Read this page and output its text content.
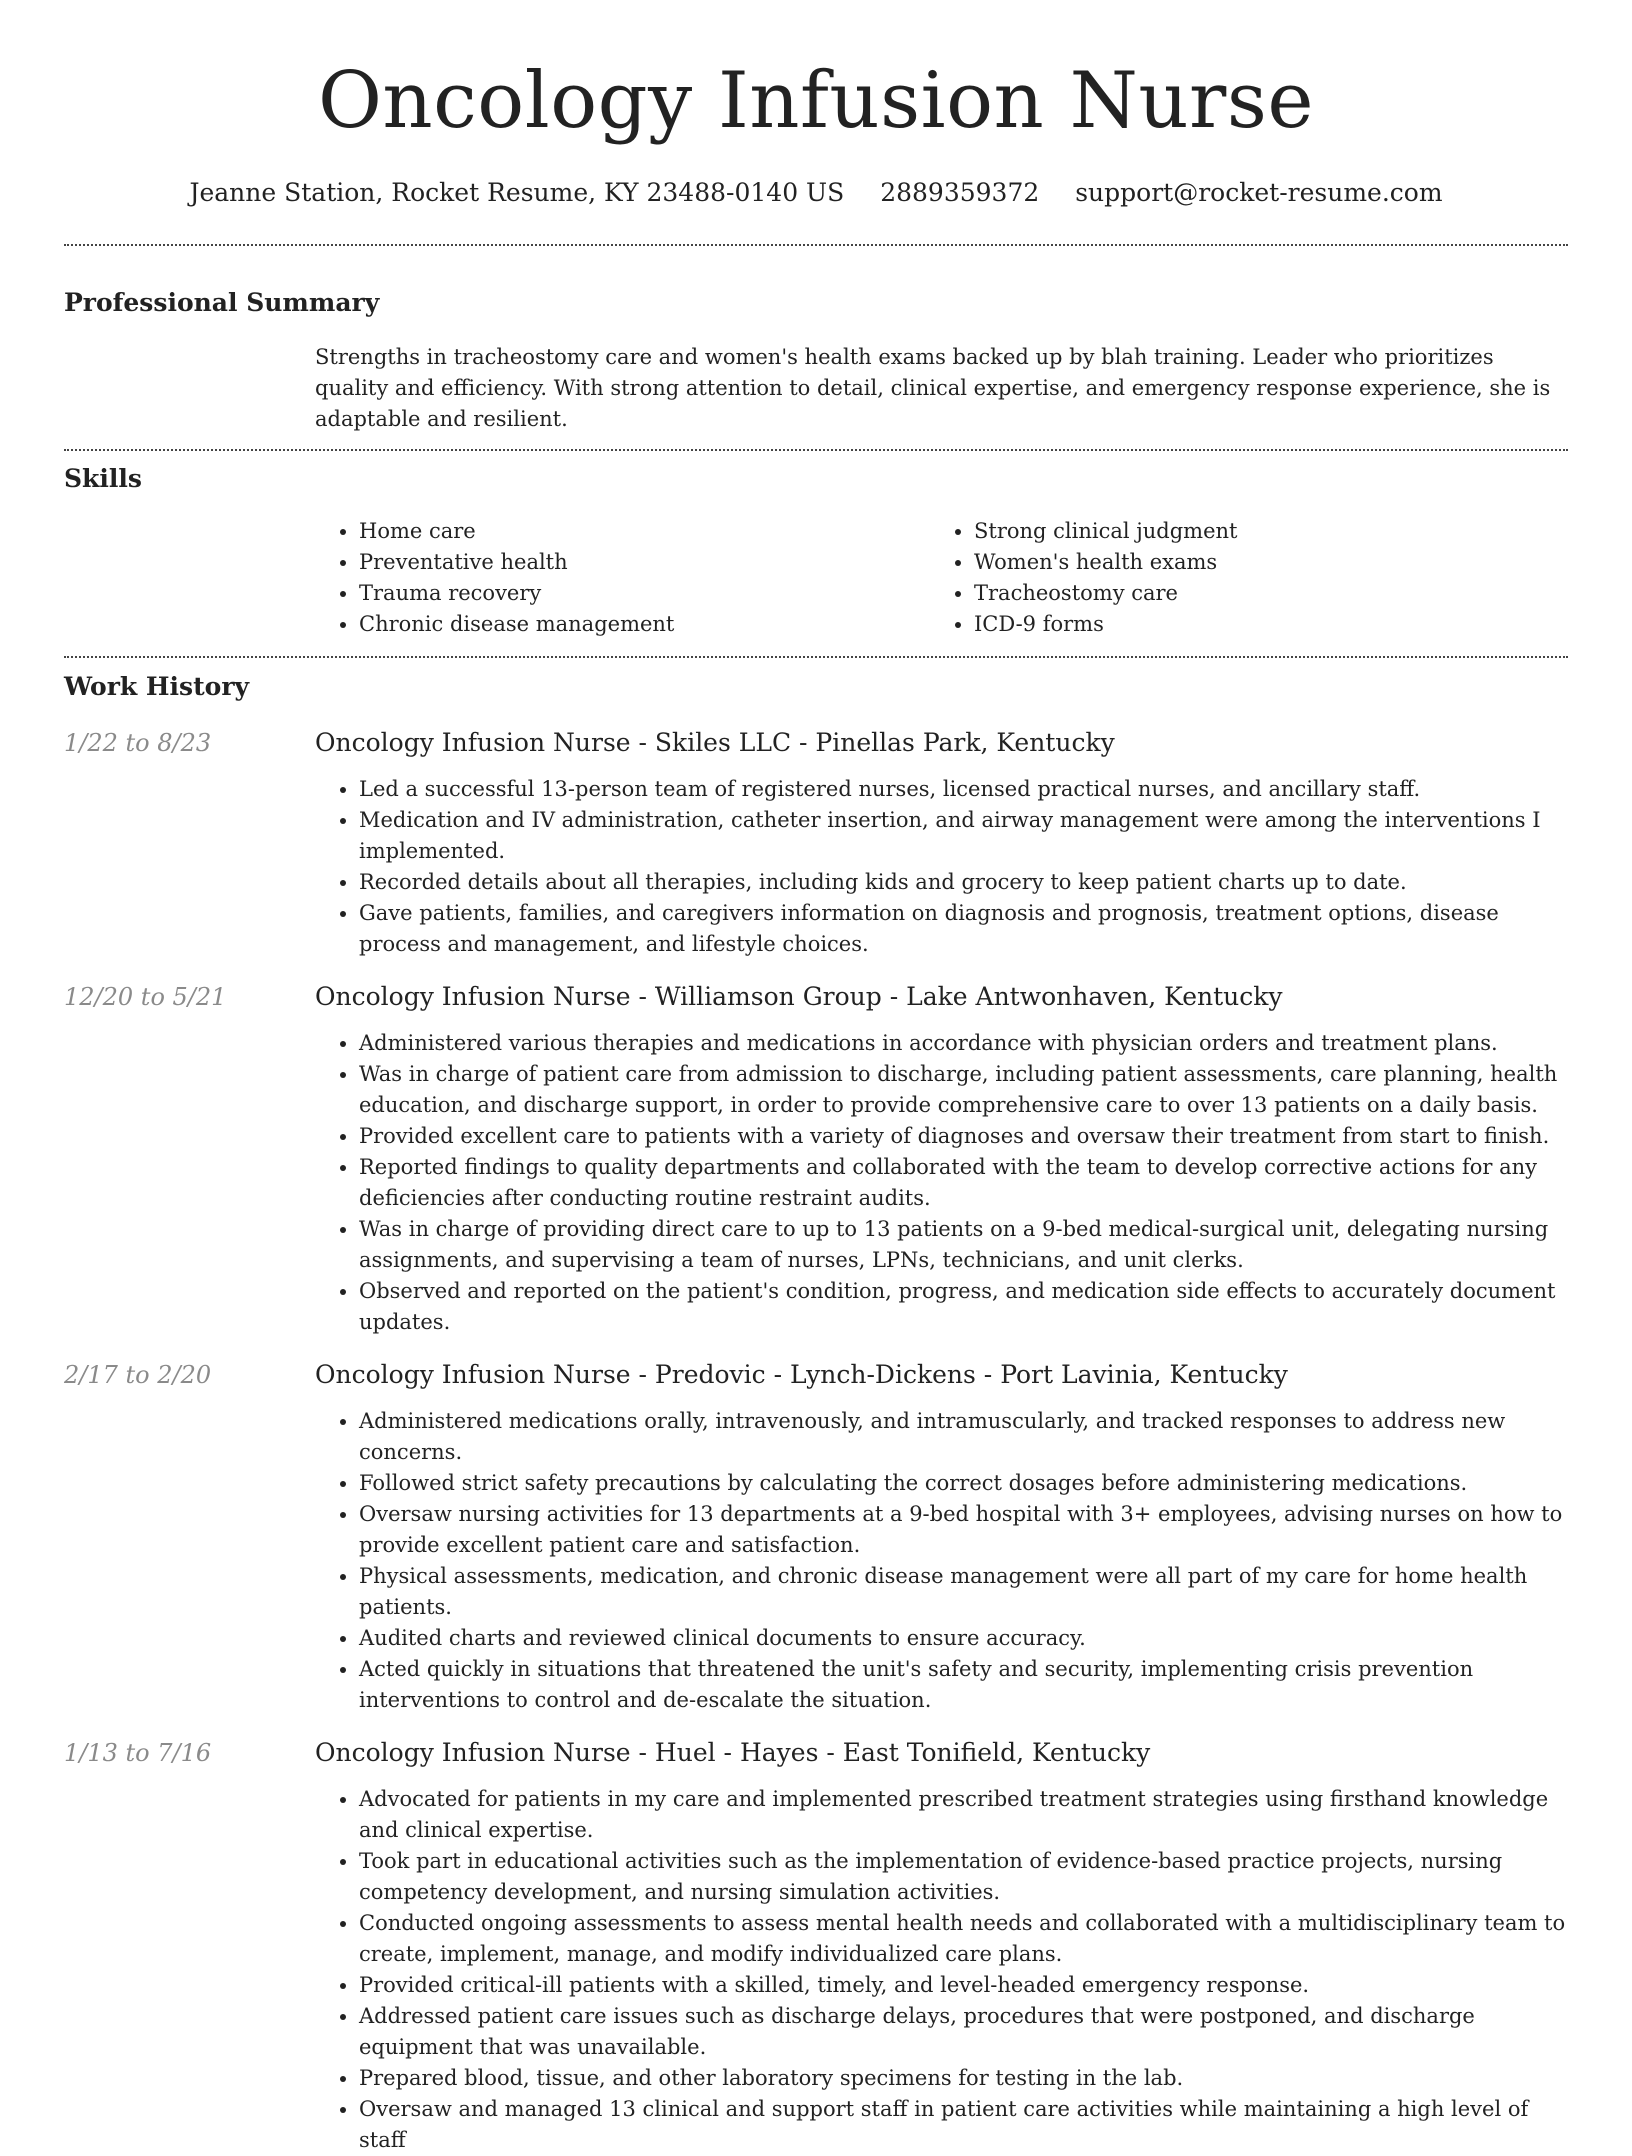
Oncology Infusion Nurse
Jeanne Station, Rocket Resume, KY 23488-0140 US 2889359372 support@rocket-resume.com
Professional Summary
Strengths in tracheostomy care and women's health exams backed up by blah training. Leader who prioritizes quality and efficiency. With strong attention to detail, clinical expertise, and emergency response experience, she is adaptable and resilient.
Skills
• Home care
• Preventative health
• Trauma recovery
• Chronic disease management
• Strong clinical judgment
• Women's health exams
• Tracheostomy care
• ICD-9 forms
Work History
1/22 to 8/23	Oncology Infusion Nurse - Skiles LLC - Pinellas Park, Kentucky
• Led a successful 13-person team of registered nurses, licensed practical nurses, and ancillary staff.
• Medication and IV administration, catheter insertion, and airway management were among the interventions I implemented.
• Recorded details about all therapies, including kids and grocery to keep patient charts up to date.
• Gave patients, families, and caregivers information on diagnosis and prognosis, treatment options, disease process and management, and lifestyle choices.
12/20 to 5/21	Oncology Infusion Nurse - Williamson Group - Lake Antwonhaven, Kentucky
• Administered various therapies and medications in accordance with physician orders and treatment plans.
• Was in charge of patient care from admission to discharge, including patient assessments, care planning, health education, and discharge support, in order to provide comprehensive care to over 13 patients on a daily basis.
• Provided excellent care to patients with a variety of diagnoses and oversaw their treatment from start to finish.
• Reported findings to quality departments and collaborated with the team to develop corrective actions for any deficiencies after conducting routine restraint audits.
• Was in charge of providing direct care to up to 13 patients on a 9-bed medical-surgical unit, delegating nursing assignments, and supervising a team of nurses, LPNs, technicians, and unit clerks.
• Observed and reported on the patient's condition, progress, and medication side effects to accurately document updates.
2/17 to 2/20	Oncology Infusion Nurse - Predovic - Lynch-Dickens - Port Lavinia, Kentucky
• Administered medications orally, intravenously, and intramuscularly, and tracked responses to address new concerns.
• Followed strict safety precautions by calculating the correct dosages before administering medications.
• Oversaw nursing activities for 13 departments at a 9-bed hospital with 3+ employees, advising nurses on how to provide excellent patient care and satisfaction.
• Physical assessments, medication, and chronic disease management were all part of my care for home health patients.
• Audited charts and reviewed clinical documents to ensure accuracy.
• Acted quickly in situations that threatened the unit's safety and security, implementing crisis prevention interventions to control and de-escalate the situation.
1/13 to 7/16	Oncology Infusion Nurse - Huel - Hayes - East Tonifield, Kentucky
• Advocated for patients in my care and implemented prescribed treatment strategies using firsthand knowledge and clinical expertise.
• Took part in educational activities such as the implementation of evidence-based practice projects, nursing competency development, and nursing simulation activities.
• Conducted ongoing assessments to assess mental health needs and collaborated with a multidisciplinary team to create, implement, manage, and modify individualized care plans.
• Provided critical-ill patients with a skilled, timely, and level-headed emergency response.
• Addressed patient care issues such as discharge delays, procedures that were postponed, and discharge equipment that was unavailable.
• Prepared blood, tissue, and other laboratory specimens for testing in the lab.
• Oversaw and managed 13 clinical and support staff in patient care activities while maintaining a high level of staff
